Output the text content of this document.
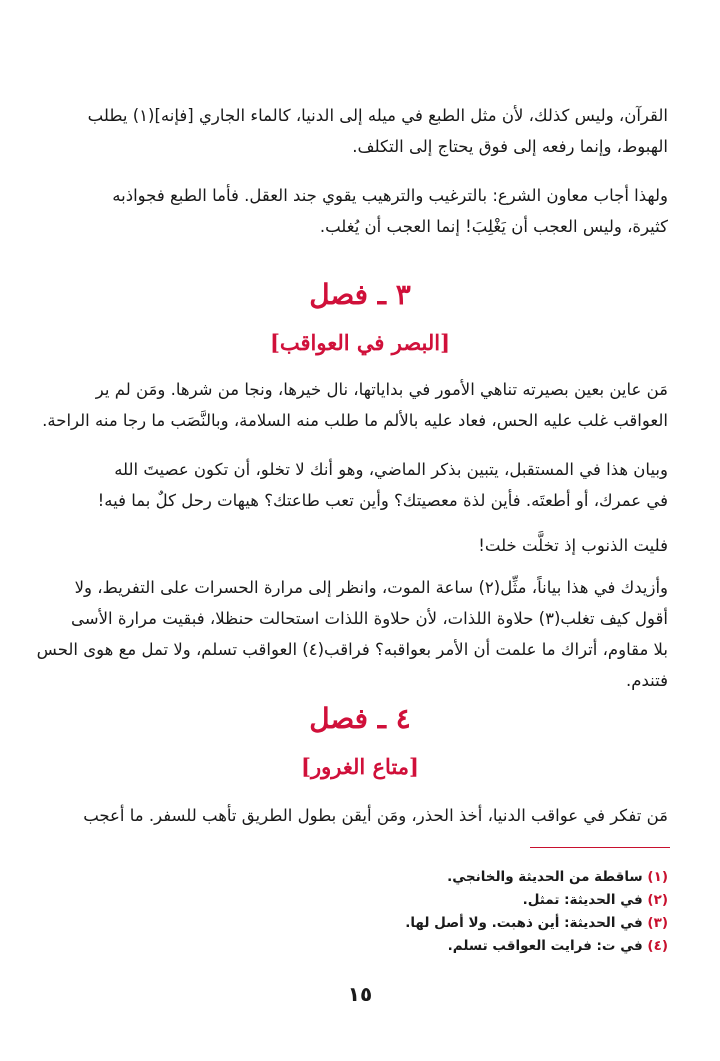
القرآن، وليس كذلك، لأن مثل الطبع في ميله إلى الدنيا، كالماء الجاري [فإنه](١) يطلب
الهبوط، وإنما رفعه إلى فوق يحتاج إلى التكلف.
ولهذا أجاب معاون الشرع: بالترغيب والترهيب يقوي جند العقل. فأما الطبع فجواذبه
كثيرة، وليس العجب أن يَغْلِبَ! إنما العجب أن يُغلب.
٣ ـ فصل
[البصر في العواقب]
مَن عاين بعين بصيرته تناهي الأمور في بداياتها، نال خيرها، ونجا من شرها. ومَن لم ير
العواقب غلب عليه الحس، فعاد عليه بالألم ما طلب منه السلامة، وبالنَّصَب ما رجا منه الراحة.
وبيان هذا في المستقبل، يتبين بذكر الماضي، وهو أنك لا تخلو، أن تكون عصيتَ الله
في عمرك، أو أطعتَه. فأين لذة معصيتك؟ وأين تعب طاعتك؟ هيهات رحل كلٌ بما فيه!
فليت الذنوب إذ تخلَّت خلت!
وأزيدك في هذا بياناً، مثِّل(٢) ساعة الموت، وانظر إلى مرارة الحسرات على التفريط، ولا
أقول كيف تغلب(٣) حلاوة اللذات، لأن حلاوة اللذات استحالت حنظلا، فبقيت مرارة الأسى
بلا مقاوم، أتراك ما علمت أن الأمر بعواقبه؟ فراقب(٤) العواقب تسلم، ولا تمل مع هوى الحس
فتندم.
٤ ـ فصل
[متاع الغرور]
مَن تفكر في عواقب الدنيا، أخذ الحذر، ومَن أيقن بطول الطريق تأهب للسفر. ما أعجب
(١) ساقطة من الحديثة والخانجي.
(٢) في الحديثة: تمثل.
(٣) في الحديثة: أين ذهبت. ولا أصل لها.
(٤) في ت: فرايت العواقب تسلم.
١٥
